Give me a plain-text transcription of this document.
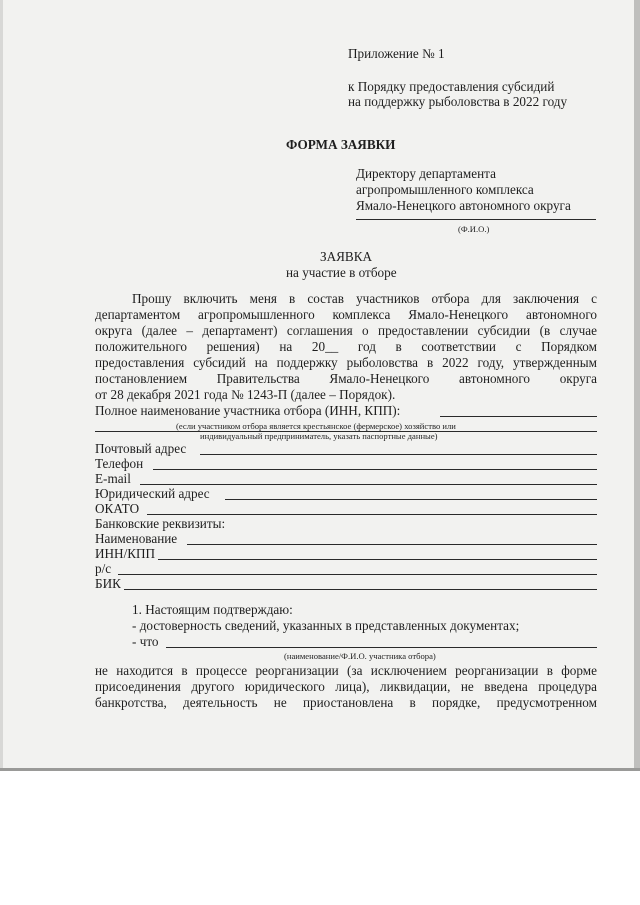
Приложение № 1
к Порядку предоставления субсидий
на поддержку рыболовства в 2022 году
ФОРМА ЗАЯВКИ
Директору департамента
агропромышленного комплекса
Ямало-Ненецкого автономного округа
(Ф.И.О.)
ЗАЯВКА
на участие в отборе
Прошу включить меня в состав участников отбора для заключения с
департаментом агропромышленного комплекса Ямало-Ненецкого автономного
округа (далее – департамент) соглашения о предоставлении субсидии (в случае
положительного решения) на 20__ год в соответствии с Порядком
предоставления субсидий на поддержку рыболовства в 2022 году, утвержденным
постановлением Правительства Ямало-Ненецкого автономного округа
от 28 декабря 2021 года № 1243-П (далее – Порядок).
Полное наименование участника отбора (ИНН, КПП):
(если участником отбора является крестьянское (фермерское) хозяйство или
индивидуальный предприниматель, указать паспортные данные)
Почтовый адрес
Телефон
E-mail
Юридический адрес
ОКАТО
Банковские реквизиты:
Наименование
ИНН/КПП
р/с
БИК
1. Настоящим подтверждаю:
- достоверность сведений, указанных в представленных документах;
- что
(наименование/Ф.И.О. участника отбора)
не находится в процессе реорганизации (за исключением реорганизации в форме
присоединения другого юридического лица), ликвидации, не введена процедура
банкротства, деятельность не приостановлена в порядке, предусмотренном
